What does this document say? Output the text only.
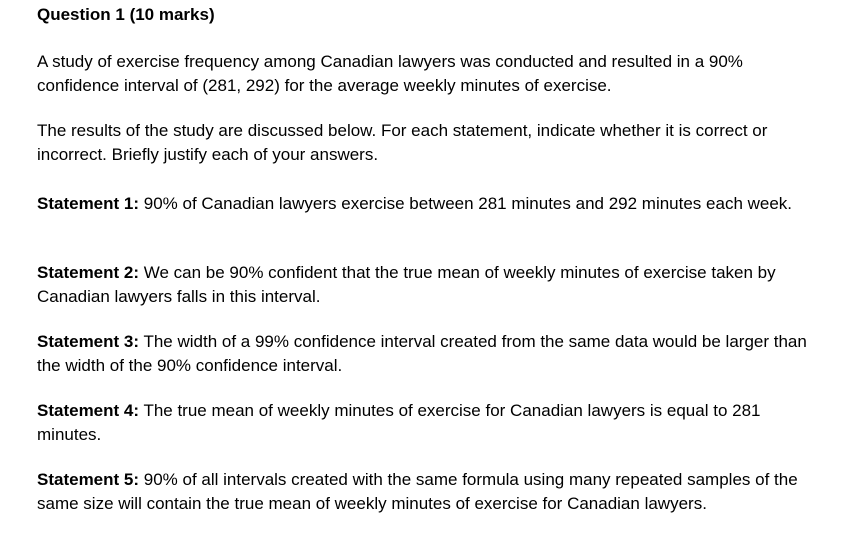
Question 1 (10 marks)

A study of exercise frequency among Canadian lawyers was conducted and resulted in a 90% confidence interval of (281, 292) for the average weekly minutes of exercise.

The results of the study are discussed below. For each statement, indicate whether it is correct or incorrect. Briefly justify each of your answers.

Statement 1: 90% of Canadian lawyers exercise between 281 minutes and 292 minutes each week.

Statement 2: We can be 90% confident that the true mean of weekly minutes of exercise taken by Canadian lawyers falls in this interval.

Statement 3: The width of a 99% confidence interval created from the same data would be larger than the width of the 90% confidence interval.

Statement 4: The true mean of weekly minutes of exercise for Canadian lawyers is equal to 281 minutes.

Statement 5: 90% of all intervals created with the same formula using many repeated samples of the same size will contain the true mean of weekly minutes of exercise for Canadian lawyers.
